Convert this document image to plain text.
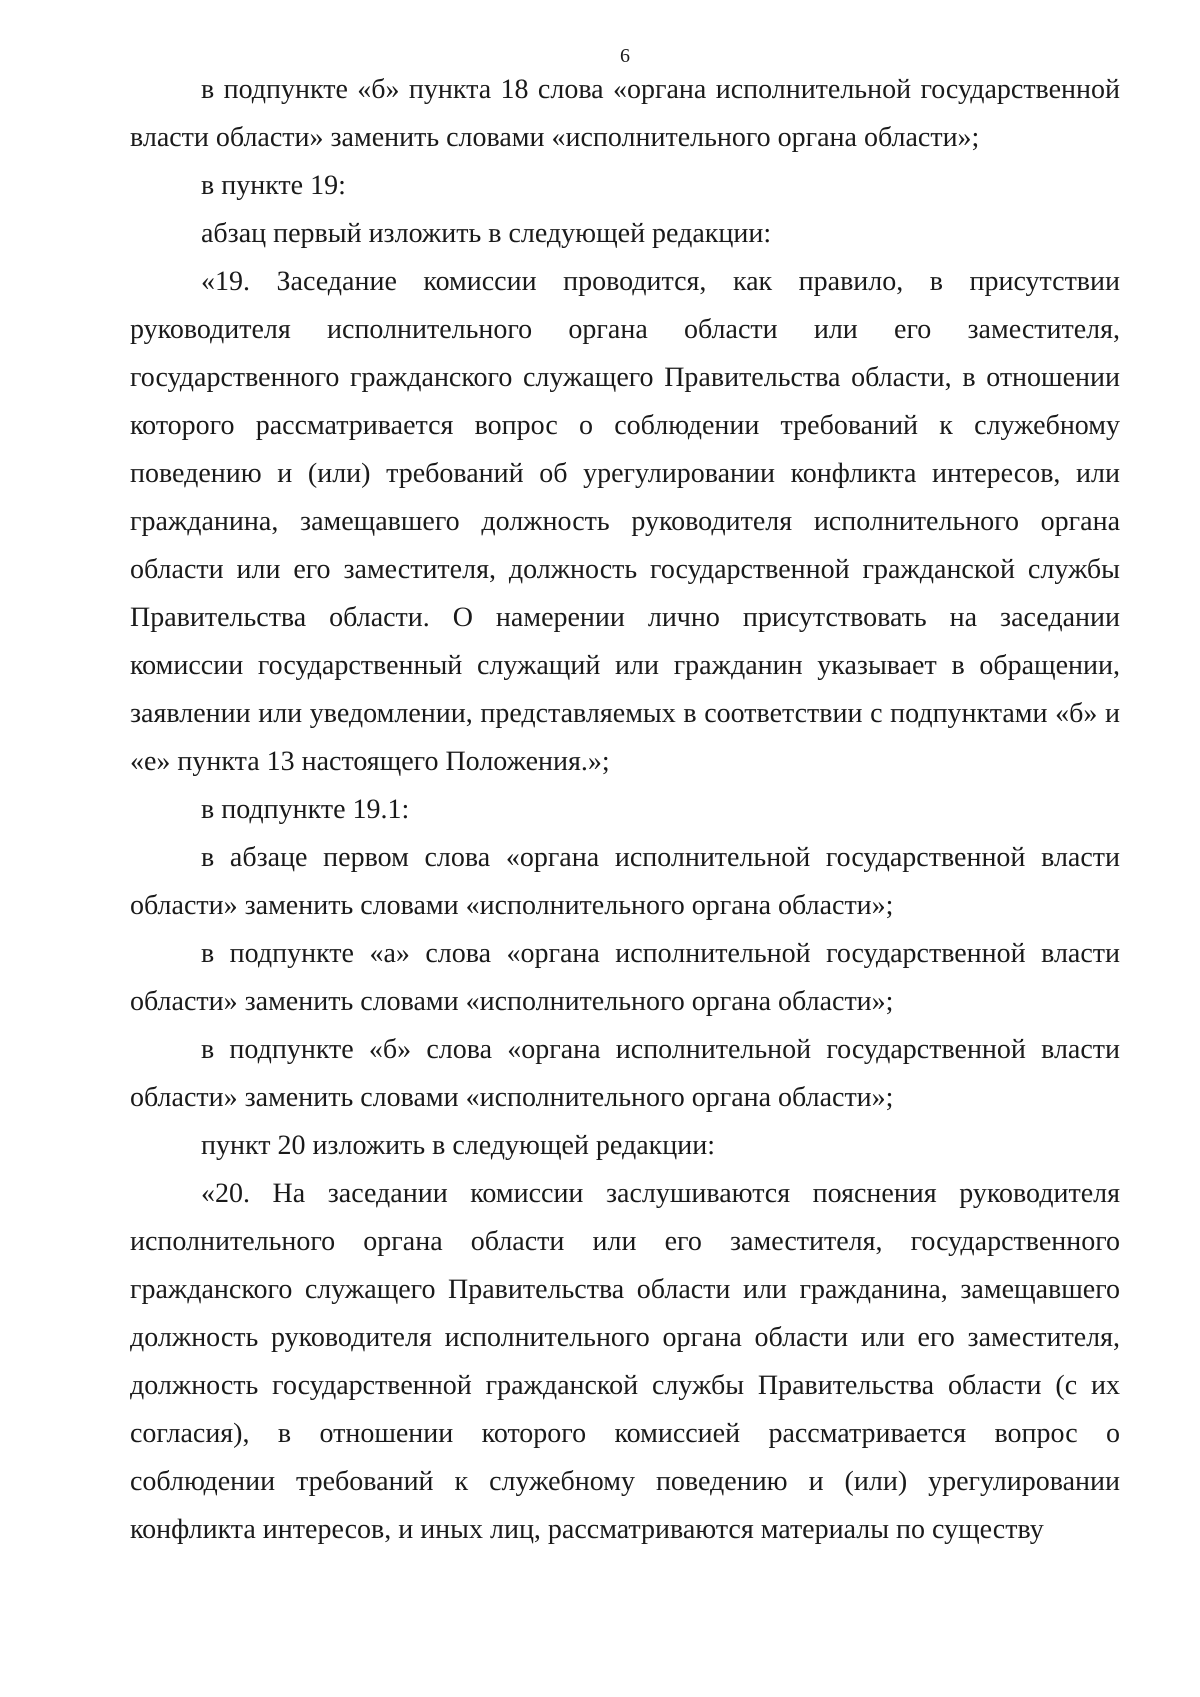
6

в подпункте «б» пункта 18 слова «органа исполнительной государственной власти области» заменить словами «исполнительного органа области»;

в пункте 19:

абзац первый изложить в следующей редакции:

«19. Заседание комиссии проводится, как правило, в присутствии руководителя исполнительного органа области или его заместителя, государственного гражданского служащего Правительства области, в отношении которого рассматривается вопрос о соблюдении требований к служебному поведению и (или) требований об урегулировании конфликта интересов, или гражданина, замещавшего должность руководителя исполнительного органа области или его заместителя, должность государственной гражданской службы Правительства области. О намерении лично присутствовать на заседании комиссии государственный служащий или гражданин указывает в обращении, заявлении или уведомлении, представляемых в соответствии с подпунктами «б» и «е» пункта 13 настоящего Положения.»;

в подпункте 19.1:

в абзаце первом слова «органа исполнительной государственной власти области» заменить словами «исполнительного органа области»;

в подпункте «а» слова «органа исполнительной государственной власти области» заменить словами «исполнительного органа области»;

в подпункте «б» слова «органа исполнительной государственной власти области» заменить словами «исполнительного органа области»;

пункт 20 изложить в следующей редакции:

«20. На заседании комиссии заслушиваются пояснения руководителя исполнительного органа области или его заместителя, государственного гражданского служащего Правительства области или гражданина, замещавшего должность руководителя исполнительного органа области или его заместителя, должность государственной гражданской службы Правительства области (с их согласия), в отношении которого комиссией рассматривается вопрос о соблюдении требований к служебному поведению и (или) урегулировании конфликта интересов, и иных лиц, рассматриваются материалы по существу
